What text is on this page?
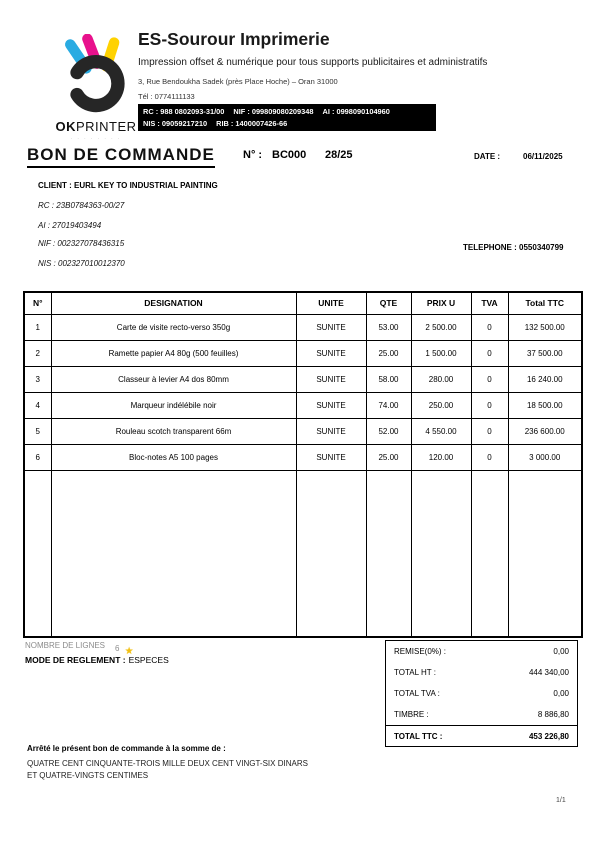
OKPRINTER
· · · · · · · ·
ES-Sourour Imprimerie
Impression offset & numérique pour tous supports publicitaires et administratifs
3, Rue Bendoukha Sadek (près Place Hoche) – Oran 31000
Tél : 0774111133
RC : 988 0802093-31/00 NIF : 099809080209348 AI : 0998090104960
NIS : 09059217210 RIB : 1400007426-66
BON DE COMMANDE	N° : BC000 28/25	DATE :	06/11/2025
CLIENT : EURL KEY TO INDUSTRIAL PAINTING
RC : 23B0784363-00/27
AI : 27019403494
NIF : 002327078436315
NIS : 002327010012370
TELEPHONE : 0550340799
N°	DESIGNATION	UNITE	QTE	PRIX U	TVA	Total TTC
1	Carte de visite recto-verso 350g	SUNITE	53.00	2 500.00	0	132 500.00
2	Ramette papier A4 80g (500 feuilles)	SUNITE	25.00	1 500.00	0	37 500.00
3	Classeur à levier A4 dos 80mm	SUNITE	58.00	280.00	0	16 240.00
4	Marqueur indélébile noir	SUNITE	74.00	250.00	0	18 500.00
5	Rouleau scotch transparent 66m	SUNITE	52.00	4 550.00	0	236 600.00
6	Bloc-notes A5 100 pages	SUNITE	25.00	120.00	0	3 000.00

NOMBRE DE LIGNES 6
MODE DE REGLEMENT :
★
ESPECES
REMISE(0%) :	0,00
TOTAL HT :	444 340,00
TOTAL TVA :	0,00
TIMBRE :	8 886,80
TOTAL TTC :	453 226,80
Arrêté le présent bon de commande à la somme de :
QUATRE CENT CINQUANTE-TROIS MILLE DEUX CENT VINGT-SIX DINARS
ET QUATRE-VINGTS CENTIMES
1/1
